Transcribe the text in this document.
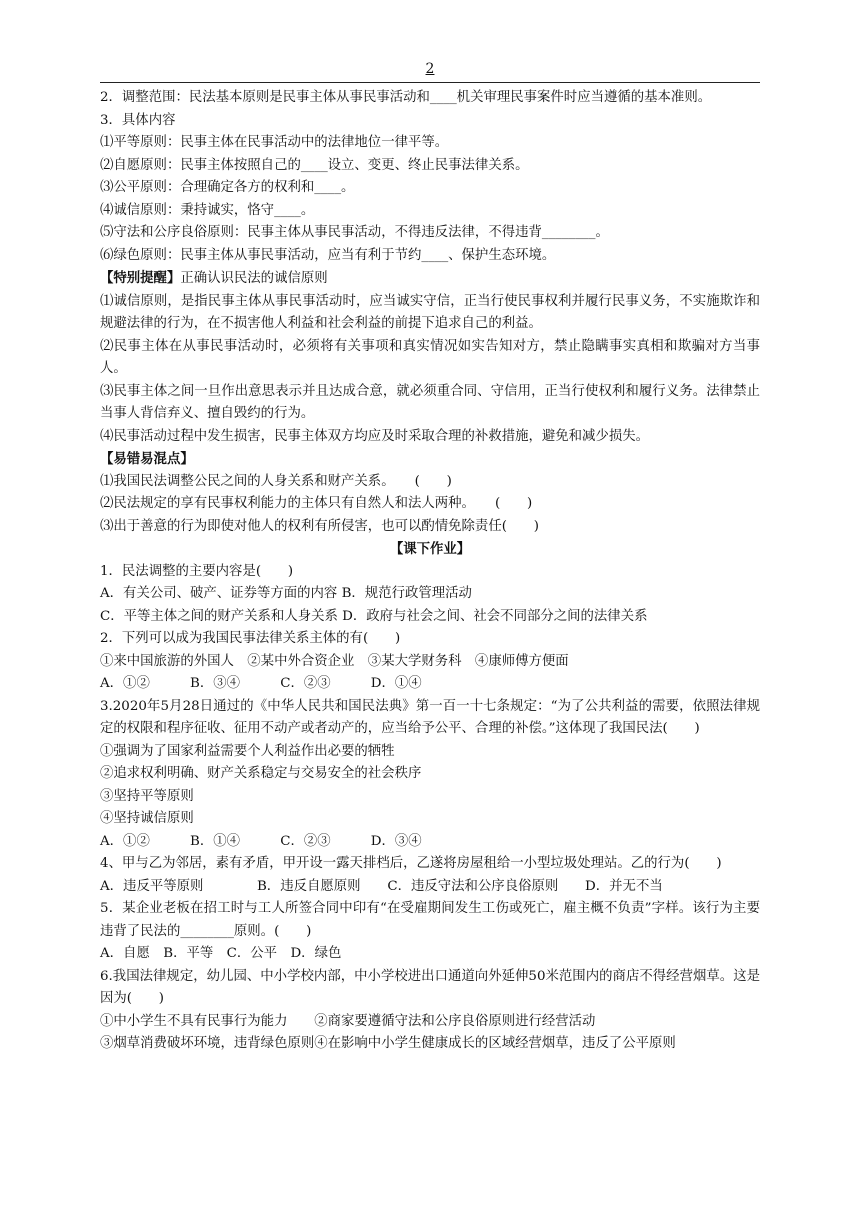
2
2．调整范围：民法基本原则是民事主体从事民事活动和____机关审理民事案件时应当遵循的基本准则。
3．具体内容
⑴平等原则：民事主体在民事活动中的法律地位一律平等。
⑵自愿原则：民事主体按照自己的____设立、变更、终止民事法律关系。
⑶公平原则：合理确定各方的权利和____。
⑷诚信原则：秉持诚实，恪守____。
⑸守法和公序良俗原则：民事主体从事民事活动，不得违反法律，不得违背________。
⑹绿色原则：民事主体从事民事活动，应当有利于节约____、保护生态环境。
【特别提醒】正确认识民法的诚信原则
⑴诚信原则，是指民事主体从事民事活动时，应当诚实守信，正当行使民事权利并履行民事义务，不实施欺诈和规避法律的行为，在不损害他人利益和社会利益的前提下追求自己的利益。
⑵民事主体在从事民事活动时，必须将有关事项和真实情况如实告知对方，禁止隐瞒事实真相和欺骗对方当事人。
⑶民事主体之间一旦作出意思表示并且达成合意，就必须重合同、守信用，正当行使权利和履行义务。法律禁止当事人背信弃义、擅自毁约的行为。
⑷民事活动过程中发生损害，民事主体双方均应及时采取合理的补救措施，避免和减少损失。
【易错易混点】
⑴我国民法调整公民之间的人身关系和财产关系。　　(　　)
⑵民法规定的享有民事权利能力的主体只有自然人和法人两种。　　(　　)
⑶出于善意的行为即使对他人的权利有所侵害，也可以酌情免除责任(　　)
【课下作业】
1．民法调整的主要内容是(　　)
A．有关公司、破产、证券等方面的内容 B．规范行政管理活动
C．平等主体之间的财产关系和人身关系 D．政府与社会之间、社会不同部分之间的法律关系
2．下列可以成为我国民事法律关系主体的有(　　)
①来中国旅游的外国人　②某中外合资企业　③某大学财务科　④康师傅方便面
A．①②　　　B．③④　　　C．②③　　　D．①④
3.2020年5月28日通过的《中华人民共和国民法典》第一百一十七条规定：“为了公共利益的需要，依照法律规定的权限和程序征收、征用不动产或者动产的，应当给予公平、合理的补偿。”这体现了我国民法(　　)
①强调为了国家利益需要个人利益作出必要的牺牲
②追求权利明确、财产关系稳定与交易安全的社会秩序
③坚持平等原则
④坚持诚信原则
A．①②　　　B．①④　　　C．②③　　　D．③④
4、甲与乙为邻居，素有矛盾，甲开设一露天排档后，乙遂将房屋租给一小型垃圾处理站。乙的行为(　　)
A．违反平等原则　　　　B．违反自愿原则　　C．违反守法和公序良俗原则　　D．并无不当
5．某企业老板在招工时与工人所签合同中印有“在受雇期间发生工伤或死亡，雇主概不负责”字样。该行为主要违背了民法的________原则。(　　)
A．自愿　B．平等　C．公平　D．绿色
6.我国法律规定，幼儿园、中小学校内部，中小学校进出口通道向外延伸50米范围内的商店不得经营烟草。这是因为(　　)
①中小学生不具有民事行为能力　　②商家要遵循守法和公序良俗原则进行经营活动
③烟草消费破坏环境，违背绿色原则④在影响中小学生健康成长的区域经营烟草，违反了公平原则
